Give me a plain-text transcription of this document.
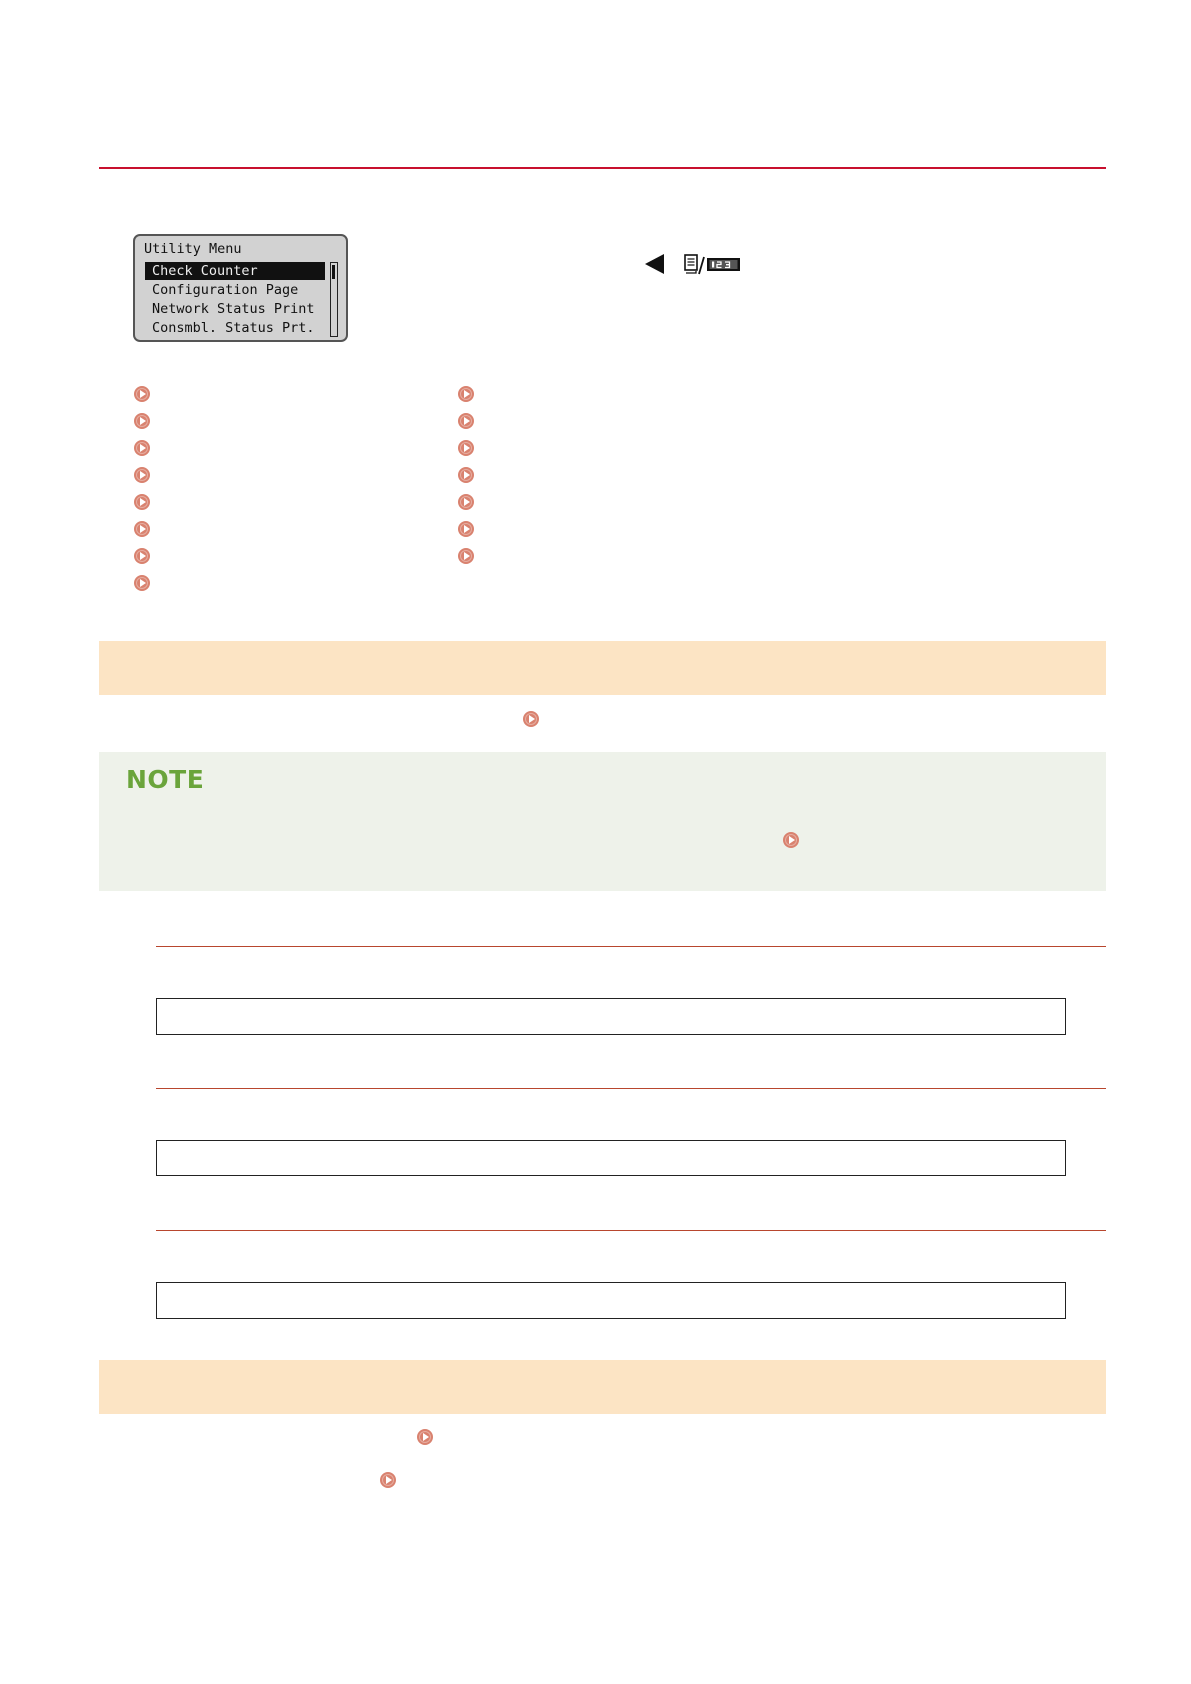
Utility Menu
Check Counter
Configuration Page
Network Status Print
Consmbl. Status Prt.
NOTE
